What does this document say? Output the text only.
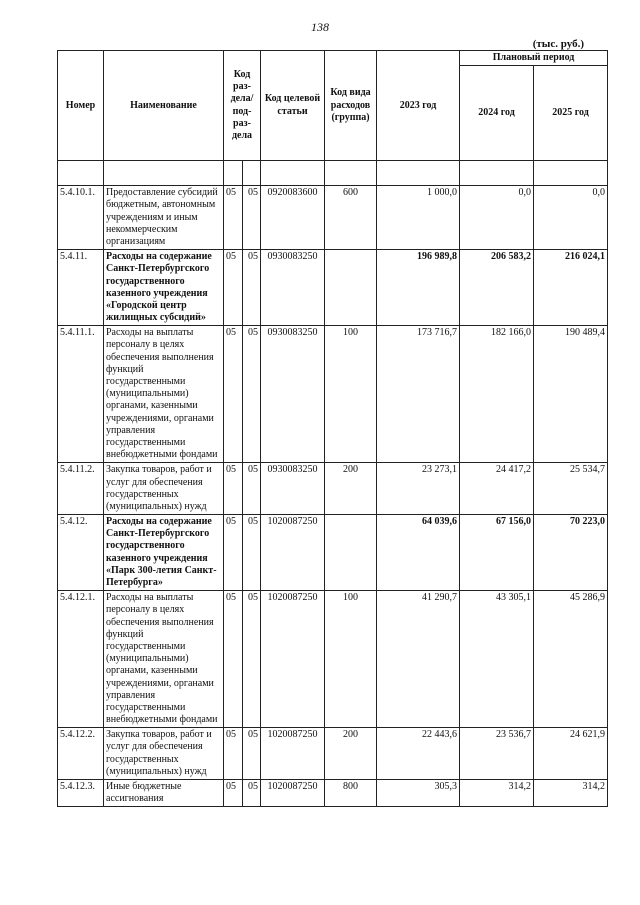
138
(тыс. руб.)
Номер	Наименование	Код раз-дела/ под-раз-дела		Код целевой статьи	Код вида расходов (группа)	2023 год	Плановый период	
							2024 год	2025 год

5.4.10.1.	Предоставление субсидий бюджетным, автономным учреждениям и иным некоммерческим организациям	05	05	0920083600	600	1 000,0	0,0	0,0
5.4.11.	Расходы на содержание Санкт-Петербургского государственного казенного учреждения «Городской центр жилищных субсидий»	05	05	0930083250		196 989,8	206 583,2	216 024,1
5.4.11.1.	Расходы на выплаты персоналу в целях обеспечения выполнения функций государственными (муниципальными) органами, казенными учреждениями, органами управления государственными внебюджетными фондами	05	05	0930083250	100	173 716,7	182 166,0	190 489,4
5.4.11.2.	Закупка товаров, работ и услуг для обеспечения государственных (муниципальных) нужд	05	05	0930083250	200	23 273,1	24 417,2	25 534,7
5.4.12.	Расходы на содержание Санкт-Петербургского государственного казенного учреждения «Парк 300-летия Санкт-Петербурга»	05	05	1020087250		64 039,6	67 156,0	70 223,0
5.4.12.1.	Расходы на выплаты персоналу в целях обеспечения выполнения функций государственными (муниципальными) органами, казенными учреждениями, органами управления государственными внебюджетными фондами	05	05	1020087250	100	41 290,7	43 305,1	45 286,9
5.4.12.2.	Закупка товаров, работ и услуг для обеспечения государственных (муниципальных) нужд	05	05	1020087250	200	22 443,6	23 536,7	24 621,9
5.4.12.3.	Иные бюджетные ассигнования	05	05	1020087250	800	305,3	314,2	314,2
